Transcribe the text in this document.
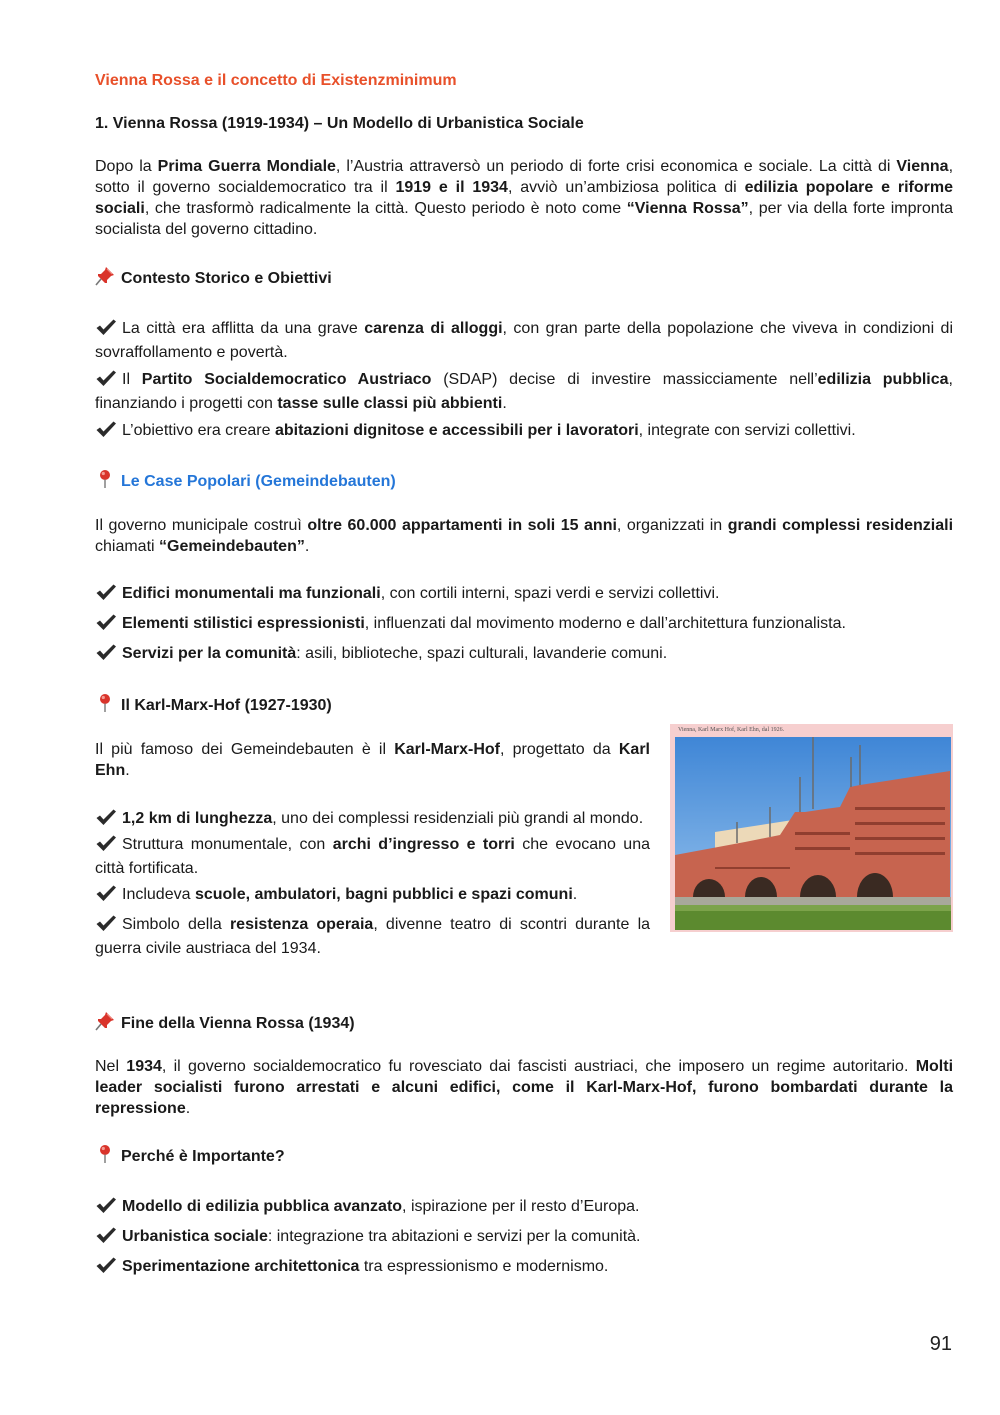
Vienna Rossa e il concetto di Existenzminimum
1. Vienna Rossa (1919-1934) – Un Modello di Urbanistica Sociale

Dopo la Prima Guerra Mondiale, l’Austria attraversò un periodo di forte crisi economica e sociale. La città di Vienna, sotto il governo socialdemocratico tra il 1919 e il 1934, avviò un’ambiziosa politica di edilizia popolare e riforme sociali, che trasformò radicalmente la città. Questo periodo è noto come “Vienna Rossa”, per via della forte impronta socialista del governo cittadino.

Contesto Storico e Obiettivi

La città era afflitta da una grave carenza di alloggi, con gran parte della popolazione che viveva in condizioni di sovraffollamento e povertà.

Il Partito Socialdemocratico Austriaco (SDAP) decise di investire massicciamente nell’edilizia pubblica, finanziando i progetti con tasse sulle classi più abbienti.

L’obiettivo era creare abitazioni dignitose e accessibili per i lavoratori, integrate con servizi collettivi.

Le Case Popolari (Gemeindebauten)

Il governo municipale costruì oltre 60.000 appartamenti in soli 15 anni, organizzati in grandi complessi residenziali chiamati “Gemeindebauten”.

Edifici monumentali ma funzionali, con cortili interni, spazi verdi e servizi collettivi.

Elementi stilistici espressionisti, influenzati dal movimento moderno e dall’architettura funzionalista.

Servizi per la comunità: asili, biblioteche, spazi culturali, lavanderie comuni.

Il Karl-Marx-Hof (1927-1930)

Il più famoso dei Gemeindebauten è il Karl-Marx-Hof, progettato da Karl Ehn.

1,2 km di lunghezza, uno dei complessi residenziali più grandi al mondo.

Struttura monumentale, con archi d’ingresso e torri che evocano una città fortificata.

Includeva scuole, ambulatori, bagni pubblici e spazi comuni.

Simbolo della resistenza operaia, divenne teatro di scontri durante la guerra civile austriaca del 1934.

Fine della Vienna Rossa (1934)

Nel 1934, il governo socialdemocratico fu rovesciato dai fascisti austriaci, che imposero un regime autoritario. Molti leader socialisti furono arrestati e alcuni edifici, come il Karl-Marx-Hof, furono bombardati durante la repressione.

Perché è Importante?

Modello di edilizia pubblica avanzato, ispirazione per il resto d’Europa.

Urbanistica sociale: integrazione tra abitazioni e servizi per la comunità.

Sperimentazione architettonica tra espressionismo e modernismo.

Vienna, Karl Marx Hof, Karl Ehn, dal 1926.
91
